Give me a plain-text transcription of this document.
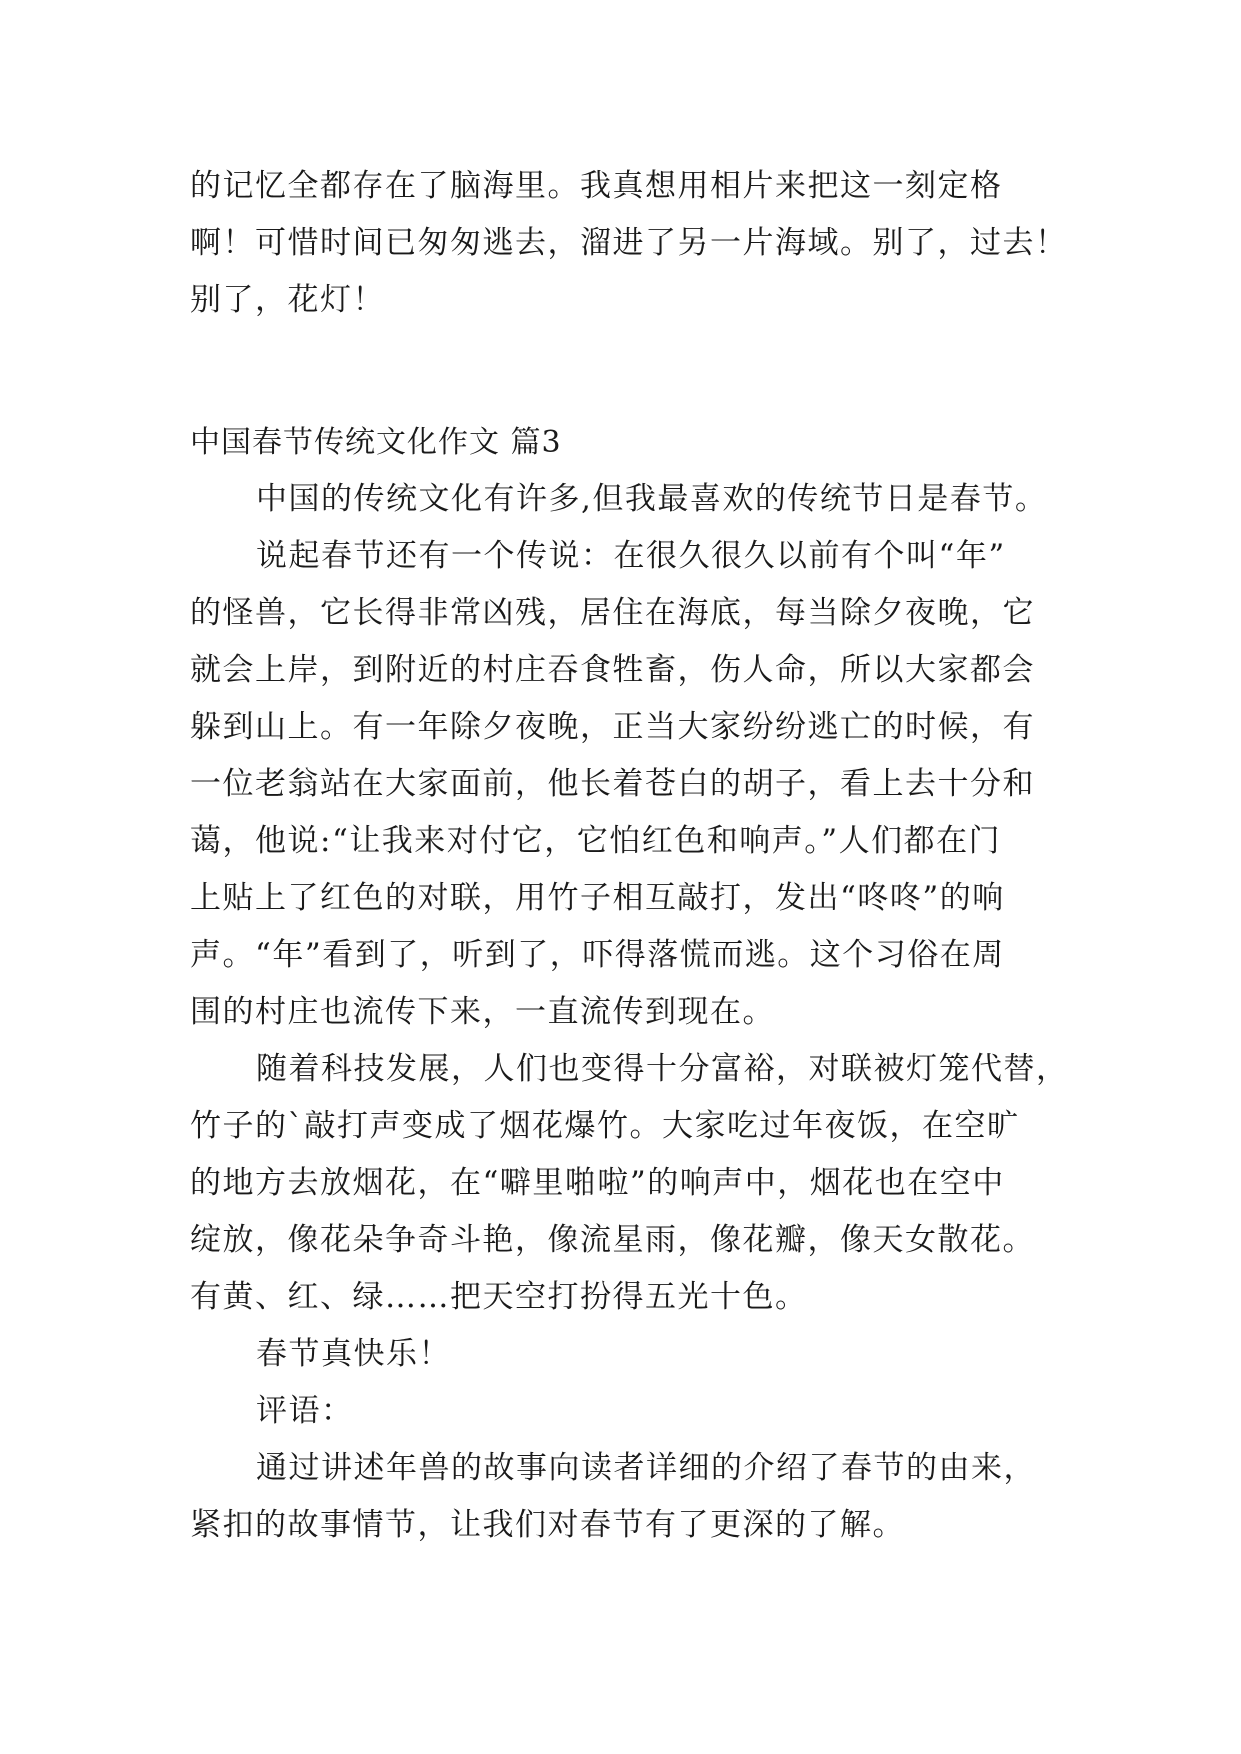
的记忆全都存在了脑海里。我真想用相片来把这一刻定格

啊！可惜时间已匆匆逃去，溜进了另一片海域。别了，过去！

别了，花灯！

中国春节传统文化作文 篇3

中国的传统文化有许多,但我最喜欢的传统节日是春节。

说起春节还有一个传说：在很久很久以前有个叫“年”

的怪兽，它长得非常凶残，居住在海底，每当除夕夜晚，它

就会上岸，到附近的村庄吞食牲畜，伤人命，所以大家都会

躲到山上。有一年除夕夜晚，正当大家纷纷逃亡的时候，有

一位老翁站在大家面前，他长着苍白的胡子，看上去十分和

蔼，他说:“让我来对付它，它怕红色和响声。”人们都在门

上贴上了红色的对联，用竹子相互敲打，发出“咚咚”的响

声。“年”看到了，听到了，吓得落慌而逃。这个习俗在周

围的村庄也流传下来，一直流传到现在。

随着科技发展，人们也变得十分富裕，对联被灯笼代替，

竹子的`敲打声变成了烟花爆竹。大家吃过年夜饭，在空旷

的地方去放烟花，在“噼里啪啦”的响声中，烟花也在空中

绽放，像花朵争奇斗艳，像流星雨，像花瓣，像天女散花。

有黄、红、绿……把天空打扮得五光十色。

春节真快乐！

评语：

通过讲述年兽的故事向读者详细的介绍了春节的由来，

紧扣的故事情节，让我们对春节有了更深的了解。
